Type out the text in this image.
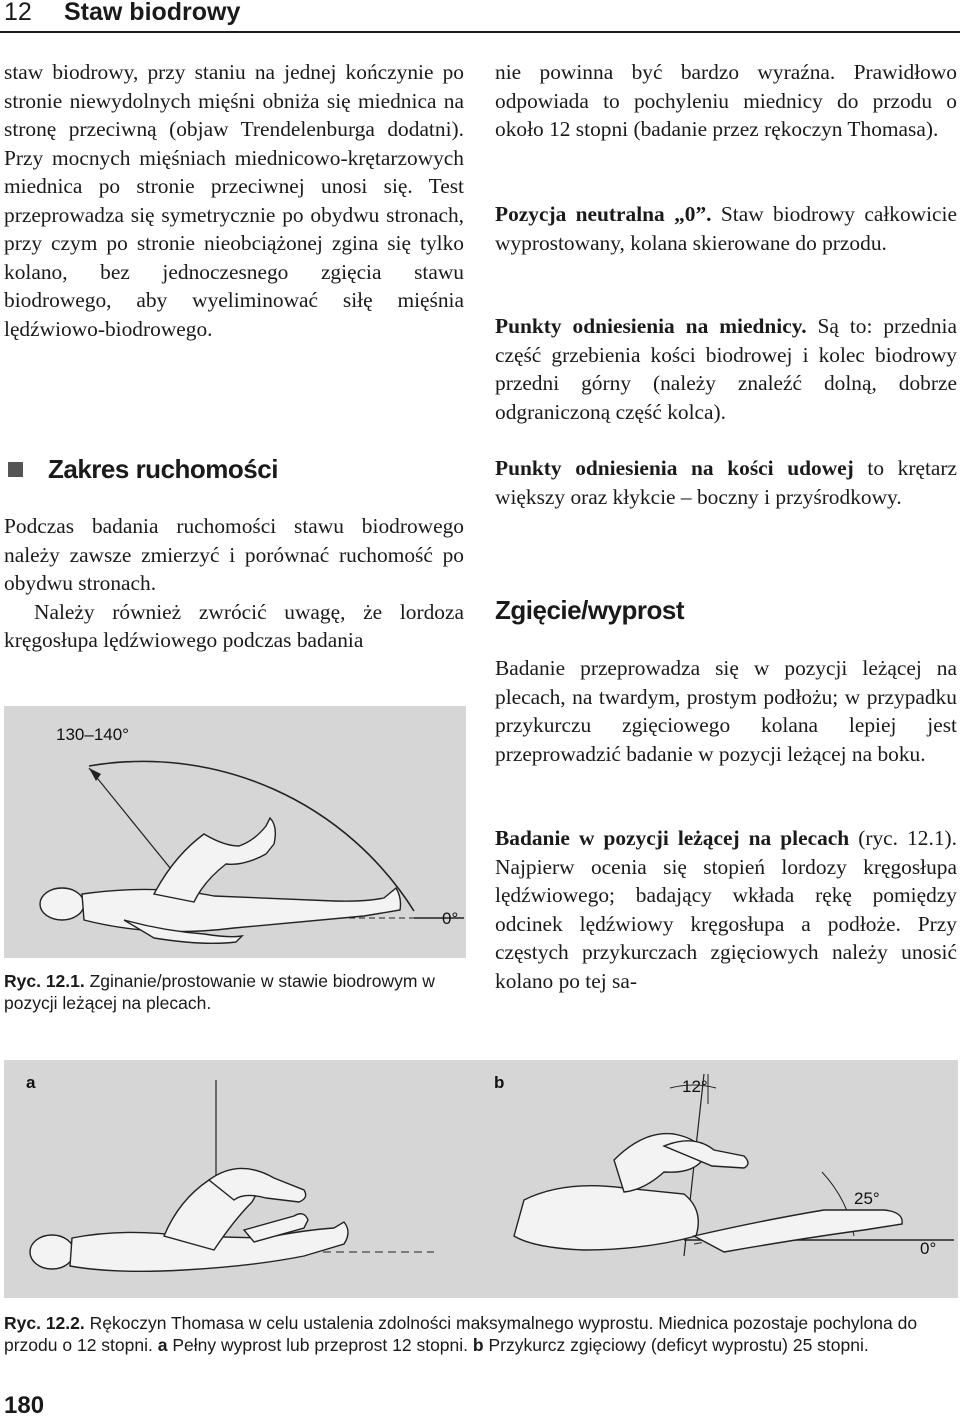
12 Staw biodrowy

staw biodrowy, przy staniu na jednej kończynie po stronie niewydolnych mięśni obniża się miednica na stronę przeciwną (objaw Trendelenburga dodatni). Przy mocnych mięśniach miednicowo-krętarzowych miednica po stronie przeciwnej unosi się. Test przeprowadza się symetrycznie po obydwu stronach, przy czym po stronie nieobciążonej zgina się tylko kolano, bez jednoczesnego zgięcia stawu biodrowego, aby wyeliminować siłę mięśnia lędźwiowo-biodrowego.

Zakres ruchomości

Podczas badania ruchomości stawu biodrowego należy zawsze zmierzyć i porównać ruchomość po obydwu stronach.

Należy również zwrócić uwagę, że lordoza kręgosłupa lędźwiowego podczas badania

130–140°
0°
Ryc. 12.1. Zginanie/prostowanie w stawie biodrowym w pozycji leżącej na plecach.

nie powinna być bardzo wyraźna. Prawidłowo odpowiada to pochyleniu miednicy do przodu o około 12 stopni (badanie przez rękoczyn Thomasa).

Pozycja neutralna „0”. Staw biodrowy całkowicie wyprostowany, kolana skierowane do przodu.

Punkty odniesienia na miednicy. Są to: przednia część grzebienia kości biodrowej i kolec biodrowy przedni górny (należy znaleźć dolną, dobrze odgraniczoną część kolca).

Punkty odniesienia na kości udowej to krętarz większy oraz kłykcie – boczny i przyśrodkowy.

Zgięcie/wyprost

Badanie przeprowadza się w pozycji leżącej na plecach, na twardym, prostym podłożu; w przypadku przykurczu zgięciowego kolana lepiej jest przeprowadzić badanie w pozycji leżącej na boku.

Badanie w pozycji leżącej na plecach (ryc. 12.1). Najpierw ocenia się stopień lordozy kręgosłupa lędźwiowego; badający wkłada rękę pomiędzy odcinek lędźwiowy kręgosłupa a podłoże. Przy częstych przykurczach zgięciowych należy unosić kolano po tej sa-

a	b	12°
25°
0°
Ryc. 12.2. Rękoczyn Thomasa w celu ustalenia zdolności maksymalnego wyprostu. Miednica pozostaje pochylona do przodu o 12 stopni. a Pełny wyprost lub przeprost 12 stopni. b Przykurcz zgięciowy (deficyt wyprostu) 25 stopni.
180
